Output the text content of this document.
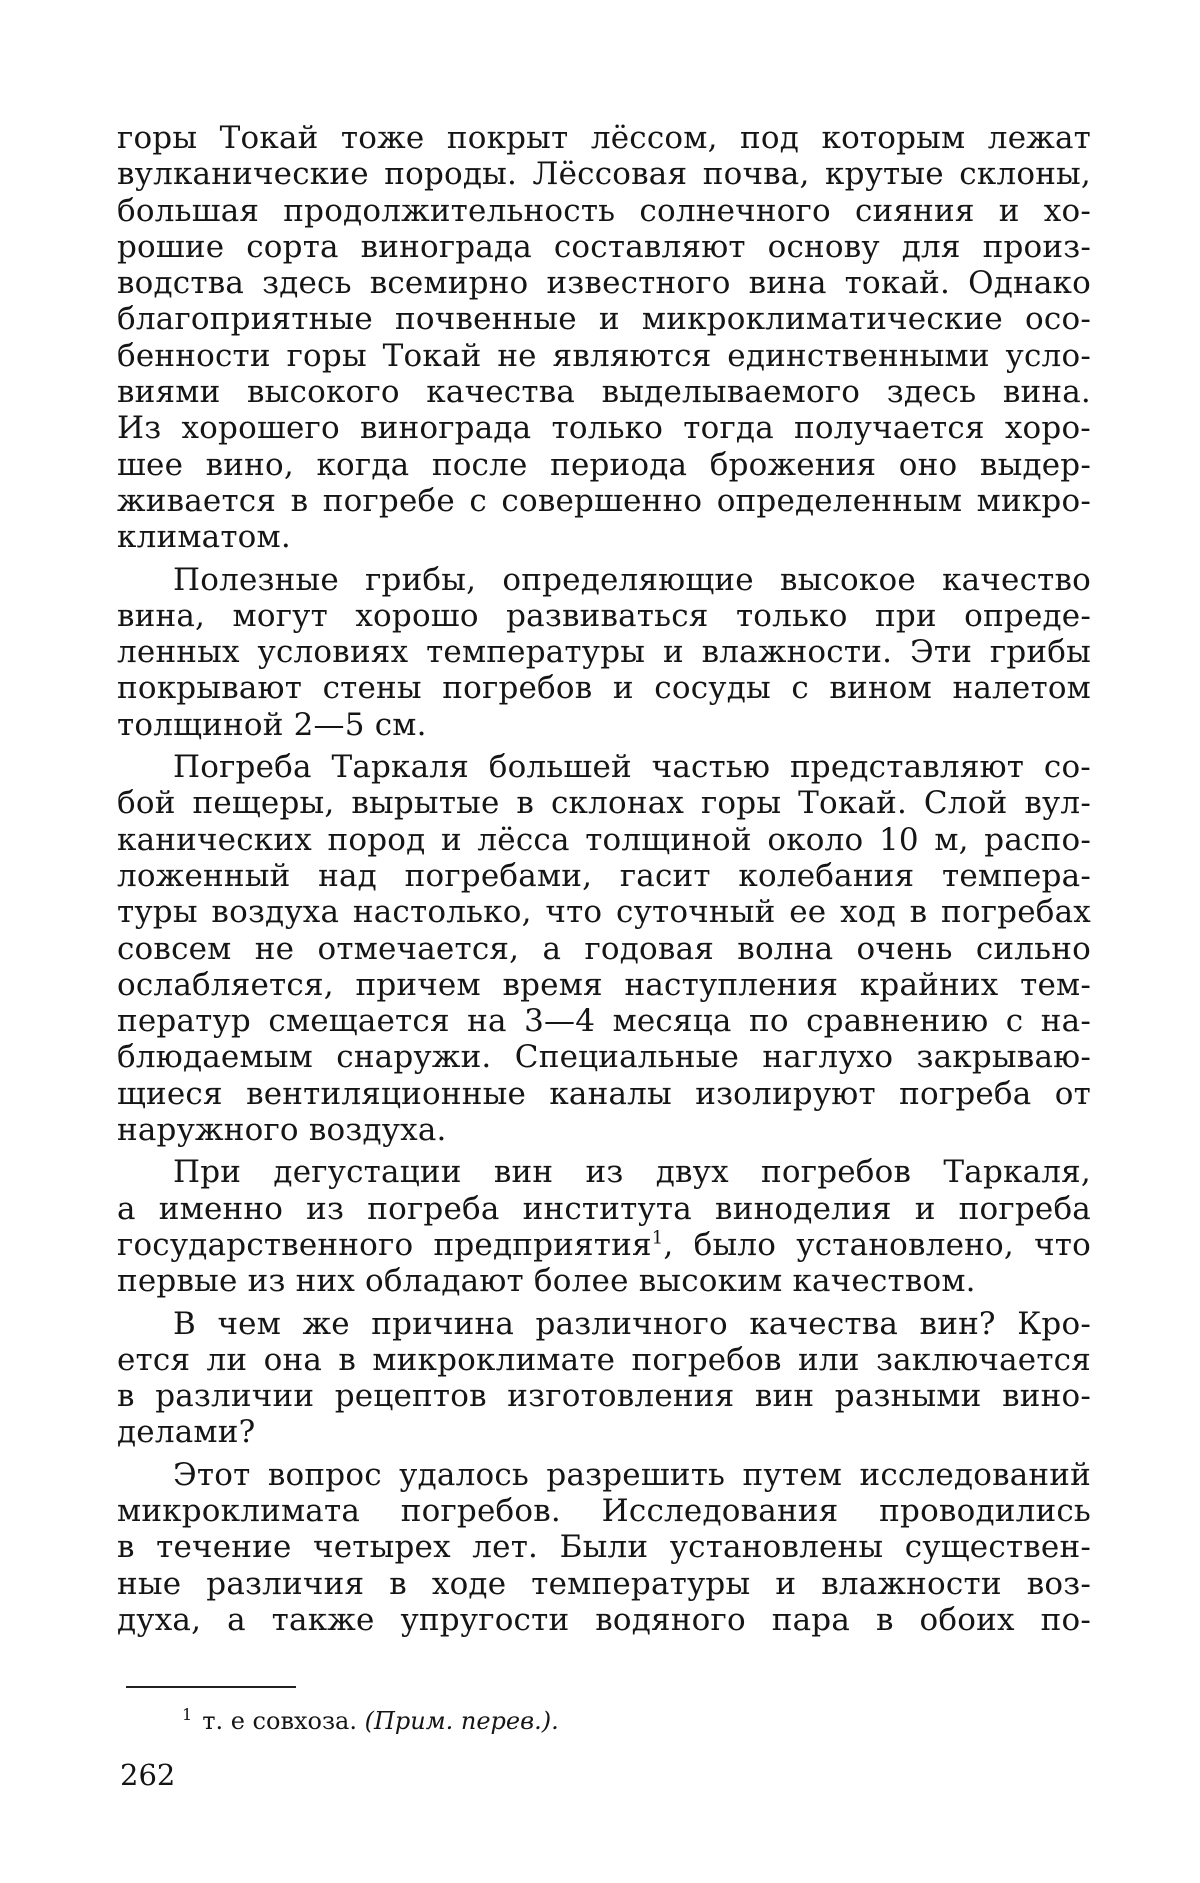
горы Токай тоже покрыт лёссом, под которым лежат
вулканические породы. Лёссовая почва, крутые склоны,
большая продолжительность солнечного сияния и хо-
рошие сорта винограда составляют основу для произ-
водства здесь всемирно известного вина токай. Однако
благоприятные почвенные и микроклиматические осо-
бенности горы Токай не являются единственными усло-
виями высокого качества выделываемого здесь вина.
Из хорошего винограда только тогда получается хоро-
шее вино, когда после периода брожения оно выдер-
живается в погребе с совершенно определенным микро-
климатом.
Полезные грибы, определяющие высокое качество
вина, могут хорошо развиваться только при опреде-
ленных условиях температуры и влажности. Эти грибы
покрывают стены погребов и сосуды с вином налетом
толщиной 2—5 см.
Погреба Таркаля большей частью представляют со-
бой пещеры, вырытые в склонах горы Токай. Слой вул-
канических пород и лёсса толщиной около 10 м, распо-
ложенный над погребами, гасит колебания темпера-
туры воздуха настолько, что суточный ее ход в погребах
совсем не отмечается, а годовая волна очень сильно
ослабляется, причем время наступления крайних тем-
ператур смещается на 3—4 месяца по сравнению с на-
блюдаемым снаружи. Специальные наглухо закрываю-
щиеся вентиляционные каналы изолируют погреба от
наружного воздуха.
При дегустации вин из двух погребов Таркаля,
а именно из погреба института виноделия и погреба
государственного предприятия$^1$, было установлено, что
первые из них обладают более высоким качеством.
В чем же причина различного качества вин? Кро-
ется ли она в микроклимате погребов или заключается
в различии рецептов изготовления вин разными вино-
делами?
Этот вопрос удалось разрешить путем исследований
микроклимата погребов. Исследования проводились
в течение четырех лет. Были установлены существен-
ные различия в ходе температуры и влажности воз-
духа, а также упругости водяного пара в обоих по-
$^1$ т. е совхоза. (Прим. перев.).
262
